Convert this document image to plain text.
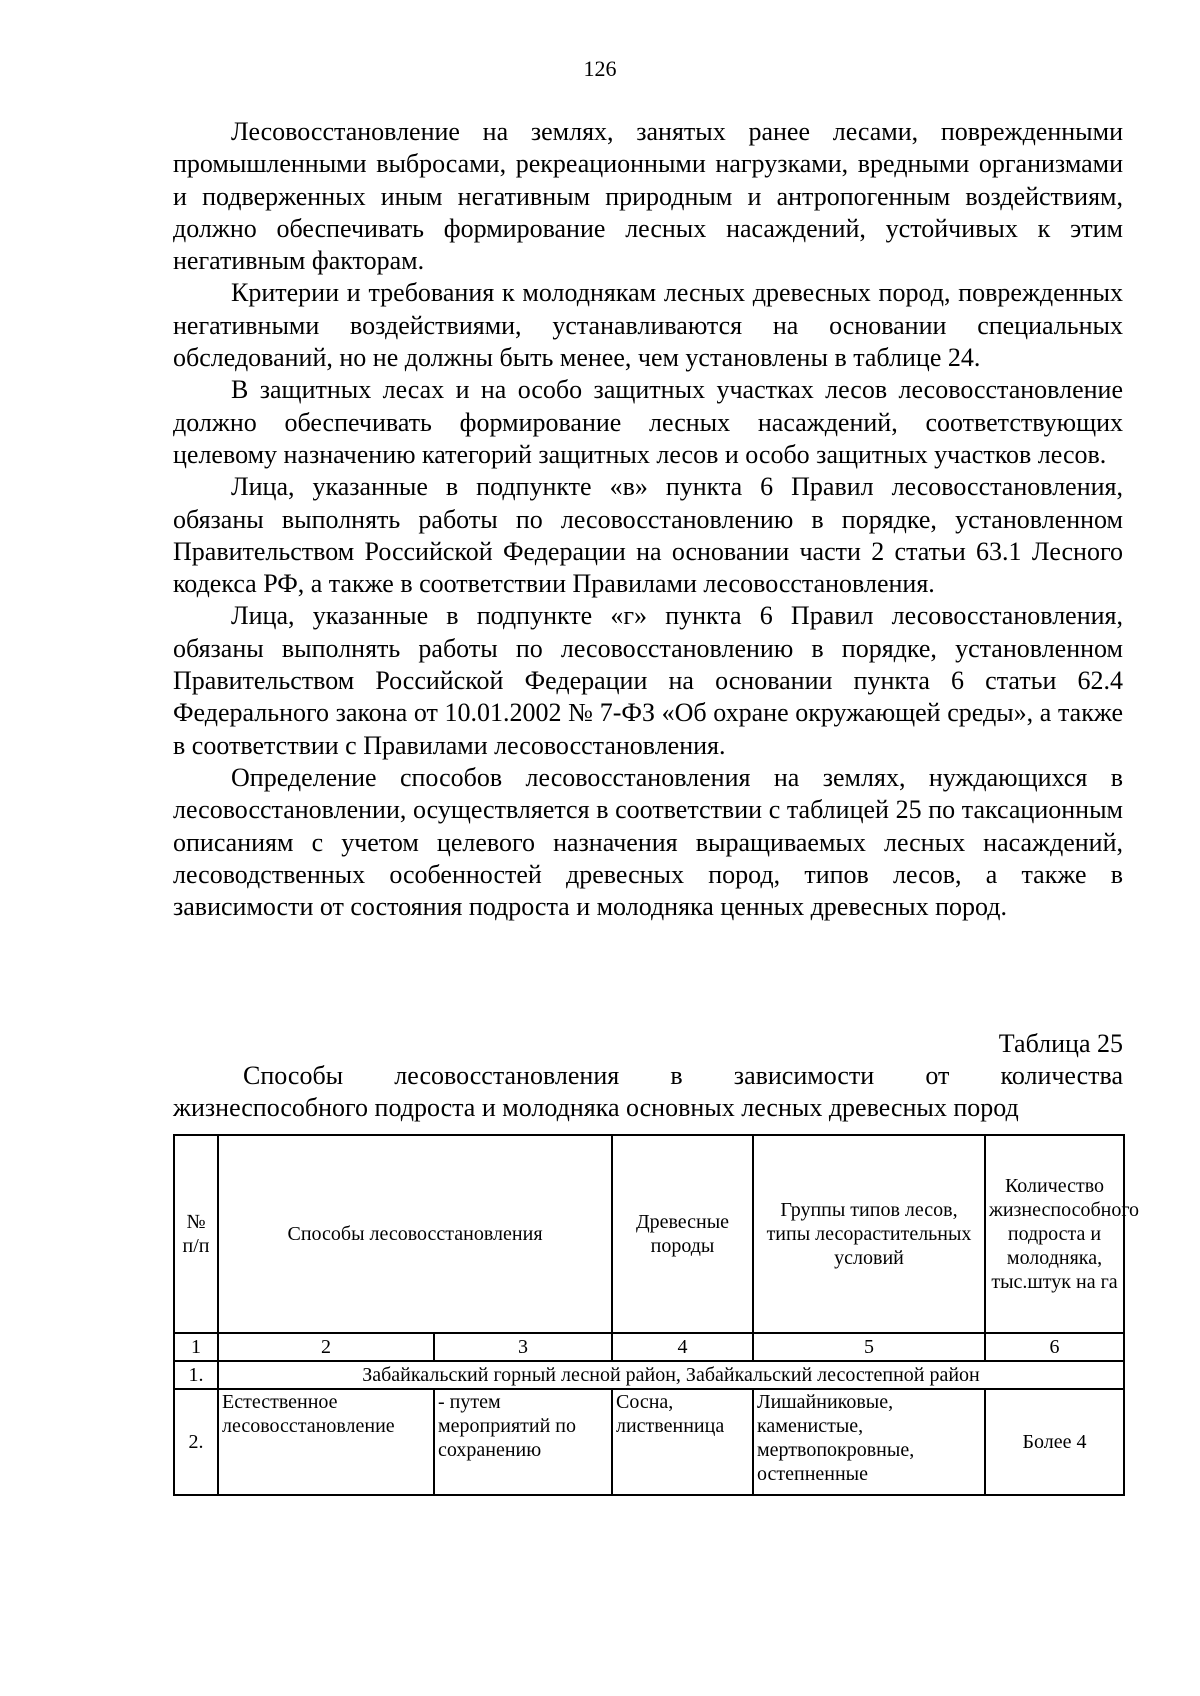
126

Лесовосстановление на землях, занятых ранее лесами, поврежденными промышленными выбросами, рекреационными нагрузками, вредными организмами и подверженных иным негативным природным и антропогенным воздействиям, должно обеспечивать формирование лесных насаждений, устойчивых к этим негативным факторам.

Критерии и требования к молоднякам лесных древесных пород, поврежденных негативными воздействиями, устанавливаются на основании специальных обследований, но не должны быть менее, чем установлены в таблице 24.

В защитных лесах и на особо защитных участках лесов лесовосстановление должно обеспечивать формирование лесных насаждений, соответствующих целевому назначению категорий защитных лесов и особо защитных участков лесов.

Лица, указанные в подпункте «в» пункта 6 Правил лесовосстановления, обязаны выполнять работы по лесовосстановлению в порядке, установленном Правительством Российской Федерации на основании части 2 статьи 63.1 Лесного кодекса РФ, а также в соответствии Правилами лесовосстановления.

Лица, указанные в подпункте «г» пункта 6 Правил лесовосстановления, обязаны выполнять работы по лесовосстановлению в порядке, установленном Правительством Российской Федерации на основании пункта 6 статьи 62.4 Федерального закона от 10.01.2002 № 7-ФЗ «Об охране окружающей среды», а также в соответствии с Правилами лесовосстановления.

Определение способов лесовосстановления на землях, нуждающихся в лесовосстановлении, осуществляется в соответствии с таблицей 25 по таксационным описаниям с учетом целевого назначения выращиваемых лесных насаждений, лесоводственных особенностей древесных пород, типов лесов, а также в зависимости от состояния подроста и молодняка ценных древесных пород.

Таблица 25
Способы лесовосстановления в зависимости от количества
жизнеспособного подроста и молодняка основных лесных древесных пород
№ п/п	Способы лесовосстановления		Древесные породы	Группы типов лесов, типы лесорастительных условий	Количество жизнеспособного подроста и молодняка, тыс.штук на га
1	2	3	4	5	6
1.	Забайкальский горный лесной район, Забайкальский лесостепной район				
2.	Естественное лесовосстановление	- путем мероприятий по сохранению	Сосна, лиственница	Лишайниковые, каменистые, мертвопокровные, остепненные	Более 4
